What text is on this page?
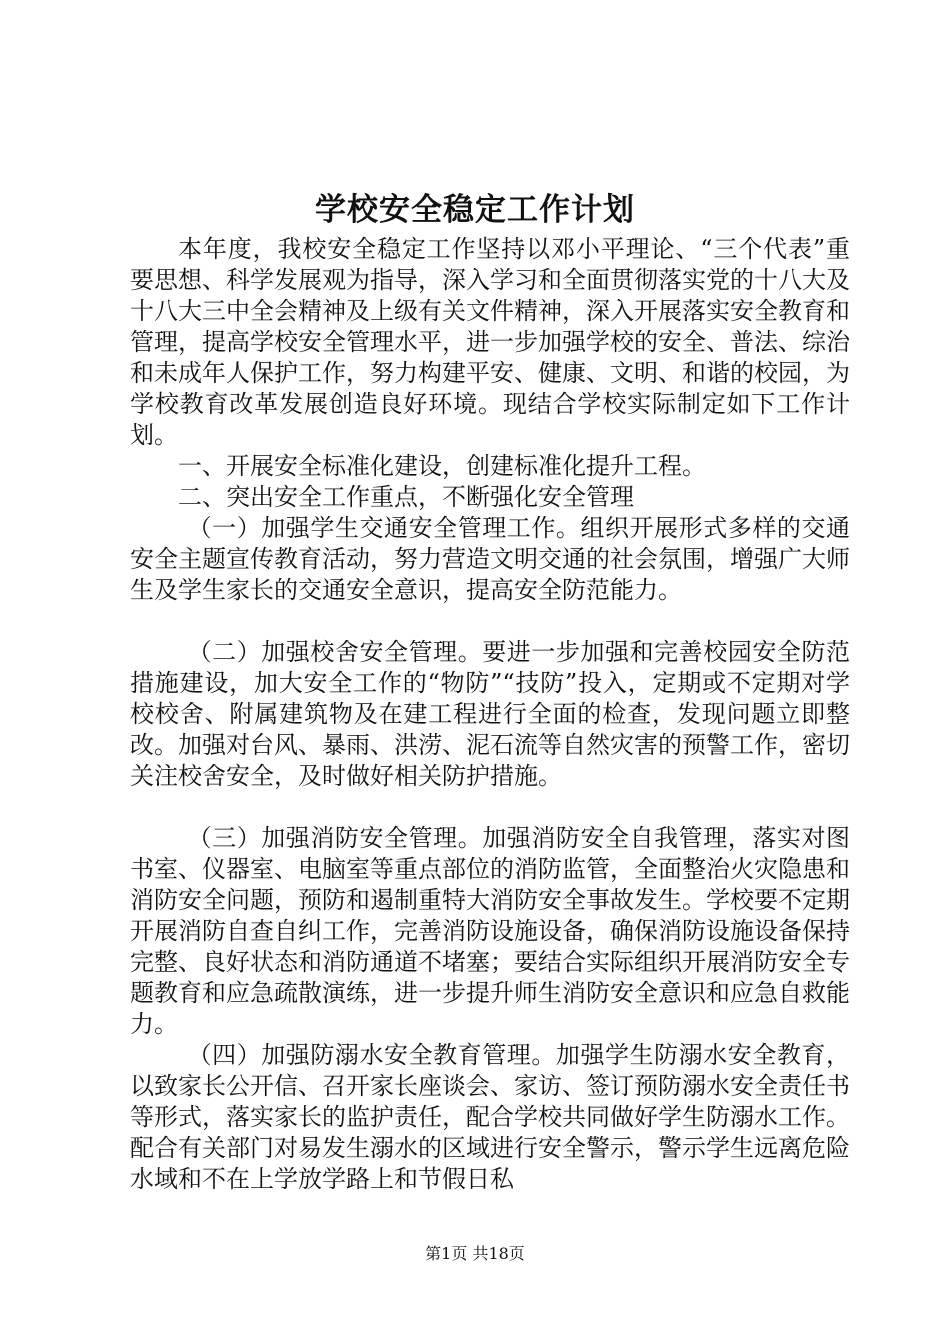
学校安全稳定工作计划

本年度，我校安全稳定工作坚持以邓小平理论、“三个代表”重要思想、科学发展观为指导，深入学习和全面贯彻落实党的十八大及十八大三中全会精神及上级有关文件精神，深入开展落实安全教育和管理，提高学校安全管理水平，进一步加强学校的安全、普法、综治和未成年人保护工作，努力构建平安、健康、文明、和谐的校园，为学校教育改革发展创造良好环境。现结合学校实际制定如下工作计划。

一、开展安全标准化建设，创建标准化提升工程。

二、突出安全工作重点，不断强化安全管理

（一）加强学生交通安全管理工作。组织开展形式多样的交通安全主题宣传教育活动，努力营造文明交通的社会氛围，增强广大师生及学生家长的交通安全意识，提高安全防范能力。

（二）加强校舍安全管理。要进一步加强和完善校园安全防范措施建设，加大安全工作的“物防”“技防”投入，定期或不定期对学校校舍、附属建筑物及在建工程进行全面的检查，发现问题立即整改。加强对台风、暴雨、洪涝、泥石流等自然灾害的预警工作，密切关注校舍安全，及时做好相关防护措施。

（三）加强消防安全管理。加强消防安全自我管理，落实对图书室、仪器室、电脑室等重点部位的消防监管，全面整治火灾隐患和消防安全问题，预防和遏制重特大消防安全事故发生。学校要不定期开展消防自查自纠工作，完善消防设施设备，确保消防设施设备保持完整、良好状态和消防通道不堵塞；要结合实际组织开展消防安全专题教育和应急疏散演练，进一步提升师生消防安全意识和应急自救能力。

（四）加强防溺水安全教育管理。加强学生防溺水安全教育，以致家长公开信、召开家长座谈会、家访、签订预防溺水安全责任书等形式，落实家长的监护责任，配合学校共同做好学生防溺水工作。配合有关部门对易发生溺水的区域进行安全警示，警示学生远离危险水域和不在上学放学路上和节假日私

第1页 共18页
